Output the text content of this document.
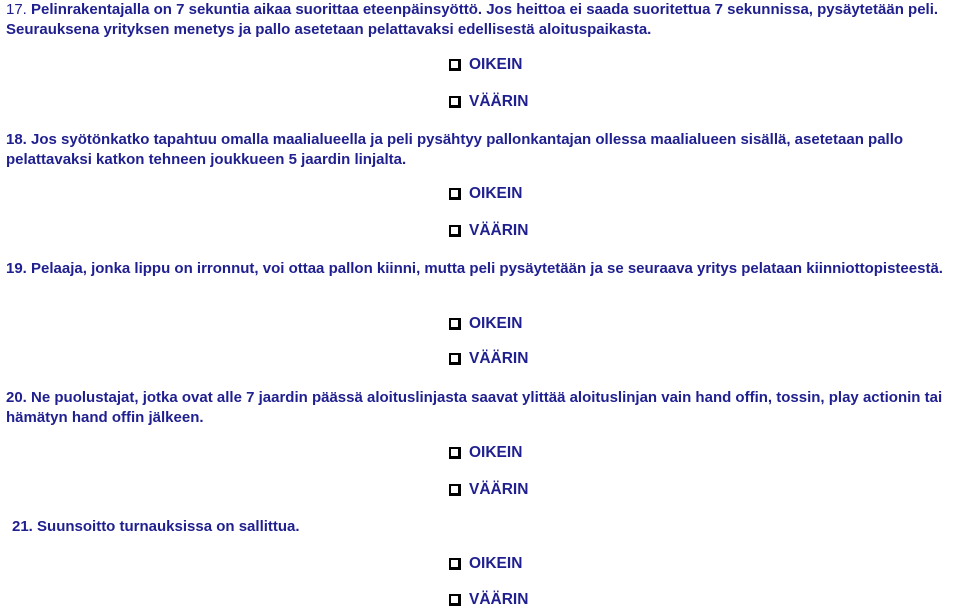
17. Pelinrakentajalla on 7 sekuntia aikaa suorittaa eteenpäinsyöttö. Jos heittoa ei saada suoritettua 7 sekunnissa, pysäytetään peli. Seurauksena yrityksen menetys ja pallo asetetaan pelattavaksi edellisestä aloituspaikasta.

OIKEIN
VÄÄRIN

18. Jos syötönkatko tapahtuu omalla maalialueella ja peli pysähtyy pallonkantajan ollessa maalialueen sisällä, asetetaan pallo pelattavaksi katkon tehneen joukkueen 5 jaardin linjalta.

OIKEIN
VÄÄRIN

19. Pelaaja, jonka lippu on irronnut, voi ottaa pallon kiinni, mutta peli pysäytetään ja se seuraava yritys pelataan kiinniottopisteestä.

OIKEIN
VÄÄRIN

20. Ne puolustajat, jotka ovat alle 7 jaardin päässä aloituslinjasta saavat ylittää aloituslinjan vain hand offin, tossin, play actionin tai hämätyn hand offin jälkeen.

OIKEIN
VÄÄRIN

21. Suunsoitto turnauksissa on sallittua.

OIKEIN
VÄÄRIN
